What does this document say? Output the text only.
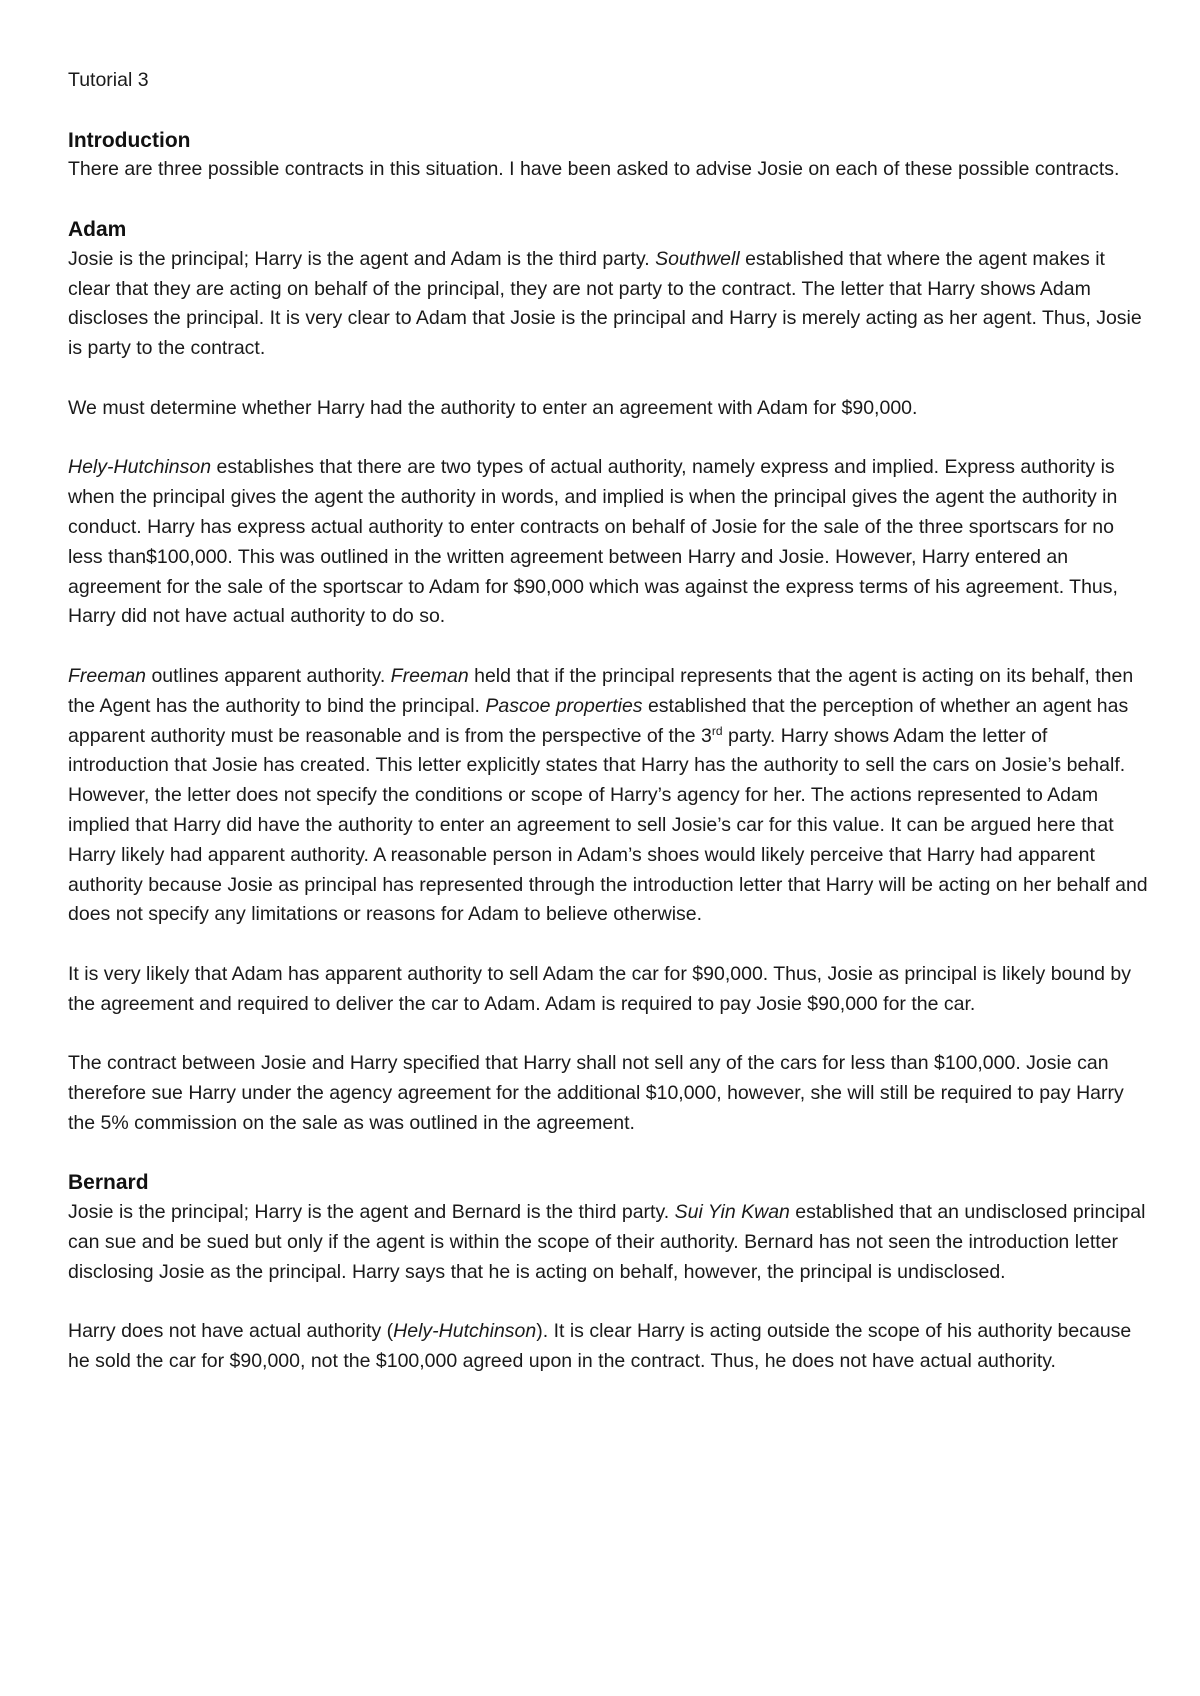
Tutorial 3
Introduction

There are three possible contracts in this situation. I have been asked to advise Josie on each of these possible contracts.

Adam

Josie is the principal; Harry is the agent and Adam is the third party. Southwell established that where the agent makes it clear that they are acting on behalf of the principal, they are not party to the contract. The letter that Harry shows Adam discloses the principal. It is very clear to Adam that Josie is the principal and Harry is merely acting as her agent. Thus, Josie is party to the contract.

We must determine whether Harry had the authority to enter an agreement with Adam for $90,000.

Hely-Hutchinson establishes that there are two types of actual authority, namely express and implied. Express authority is when the principal gives the agent the authority in words, and implied is when the principal gives the agent the authority in conduct. Harry has express actual authority to enter contracts on behalf of Josie for the sale of the three sportscars for no less than$100,000. This was outlined in the written agreement between Harry and Josie. However, Harry entered an agreement for the sale of the sportscar to Adam for $90,000 which was against the express terms of his agreement. Thus, Harry did not have actual authority to do so.

Freeman outlines apparent authority. Freeman held that if the principal represents that the agent is acting on its behalf, then the Agent has the authority to bind the principal. Pascoe properties established that the perception of whether an agent has apparent authority must be reasonable and is from the perspective of the 3rd party. Harry shows Adam the letter of introduction that Josie has created. This letter explicitly states that Harry has the authority to sell the cars on Josie’s behalf. However, the letter does not specify the conditions or scope of Harry’s agency for her. The actions represented to Adam implied that Harry did have the authority to enter an agreement to sell Josie’s car for this value. It can be argued here that Harry likely had apparent authority. A reasonable person in Adam’s shoes would likely perceive that Harry had apparent authority because Josie as principal has represented through the introduction letter that Harry will be acting on her behalf and does not specify any limitations or reasons for Adam to believe otherwise.

It is very likely that Adam has apparent authority to sell Adam the car for $90,000. Thus, Josie as principal is likely bound by the agreement and required to deliver the car to Adam. Adam is required to pay Josie $90,000 for the car.

The contract between Josie and Harry specified that Harry shall not sell any of the cars for less than $100,000. Josie can therefore sue Harry under the agency agreement for the additional $10,000, however, she will still be required to pay Harry the 5% commission on the sale as was outlined in the agreement.

Bernard

Josie is the principal; Harry is the agent and Bernard is the third party. Sui Yin Kwan established that an undisclosed principal can sue and be sued but only if the agent is within the scope of their authority. Bernard has not seen the introduction letter disclosing Josie as the principal. Harry says that he is acting on behalf, however, the principal is undisclosed.

Harry does not have actual authority (Hely-Hutchinson). It is clear Harry is acting outside the scope of his authority because he sold the car for $90,000, not the $100,000 agreed upon in the contract. Thus, he does not have actual authority.
